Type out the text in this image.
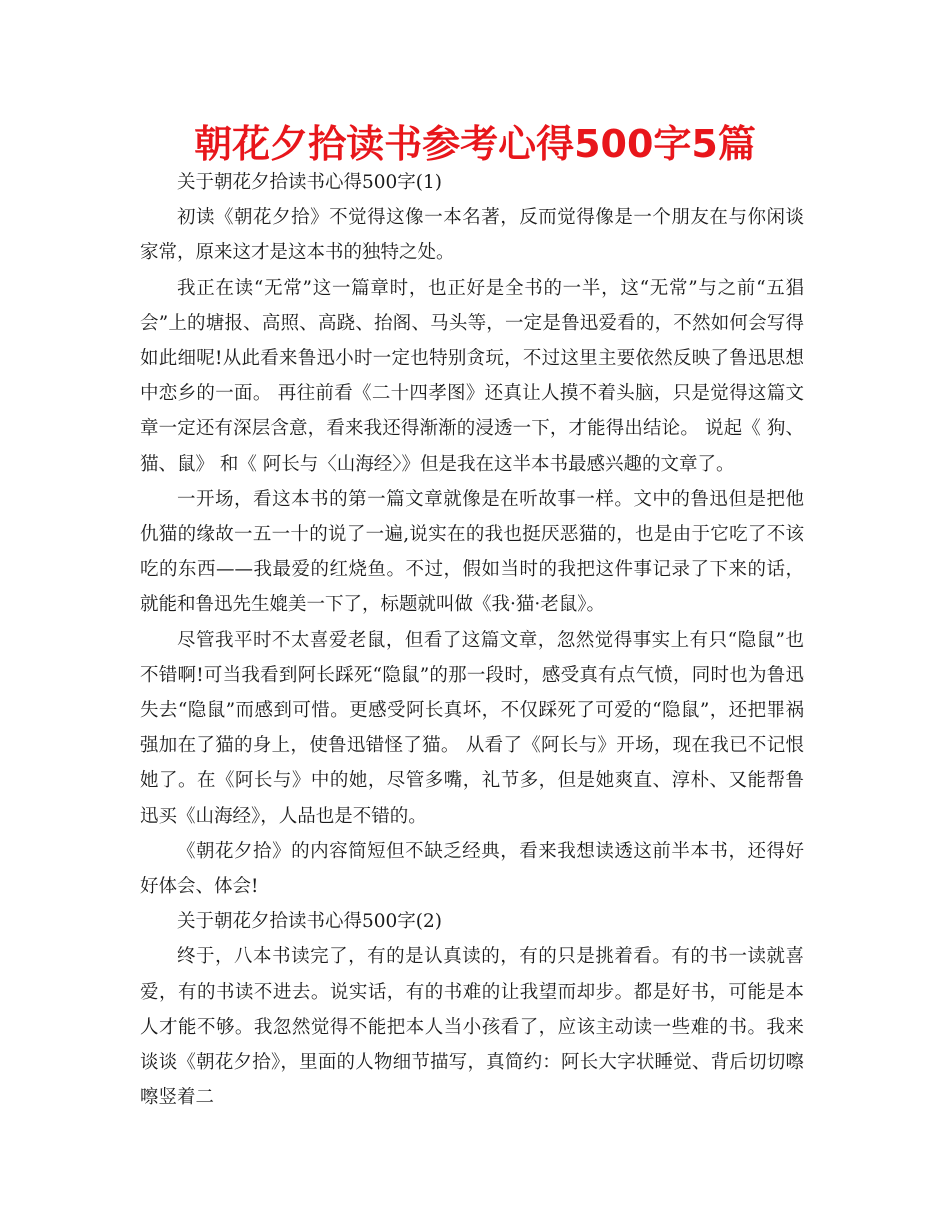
朝花夕拾读书参考心得500字5篇

关于朝花夕拾读书心得500字(1)

初读《朝花夕拾》不觉得这像一本名著，反而觉得像是一个朋友在与你闲谈家常，原来这才是这本书的独特之处。

我正在读“无常”这一篇章时，也正好是全书的一半，这“无常”与之前“五猖会”上的塘报、高照、高跷、抬阁、马头等，一定是鲁迅爱看的，不然如何会写得如此细呢!从此看来鲁迅小时一定也特别贪玩，不过这里主要依然反映了鲁迅思想中恋乡的一面。 再往前看《二十四孝图》还真让人摸不着头脑，只是觉得这篇文章一定还有深层含意，看来我还得渐渐的浸透一下，才能得出结论。 说起《 狗、猫、鼠》 和《 阿长与〈山海经〉》但是我在这半本书最感兴趣的文章了。

一开场，看这本书的第一篇文章就像是在听故事一样。文中的鲁迅但是把他仇猫的缘故一五一十的说了一遍,说实在的我也挺厌恶猫的，也是由于它吃了不该吃的东西——我最爱的红烧鱼。不过，假如当时的我把这件事记录了下来的话，就能和鲁迅先生媲美一下了，标题就叫做《我·猫·老鼠》。

尽管我平时不太喜爱老鼠，但看了这篇文章，忽然觉得事实上有只“隐鼠”也不错啊!可当我看到阿长踩死“隐鼠”的那一段时，感受真有点气愤，同时也为鲁迅失去“隐鼠”而感到可惜。更感受阿长真坏，不仅踩死了可爱的“隐鼠”，还把罪祸强加在了猫的身上，使鲁迅错怪了猫。 从看了《阿长与》开场，现在我已不记恨她了。在《阿长与》中的她，尽管多嘴，礼节多，但是她爽直、淳朴、又能帮鲁迅买《山海经》，人品也是不错的。

《朝花夕拾》的内容简短但不缺乏经典，看来我想读透这前半本书，还得好好体会、体会!

关于朝花夕拾读书心得500字(2)

终于，八本书读完了，有的是认真读的，有的只是挑着看。有的书一读就喜爱，有的书读不进去。说实话，有的书难的让我望而却步。都是好书，可能是本人才能不够。我忽然觉得不能把本人当小孩看了，应该主动读一些难的书。我来谈谈《朝花夕拾》，里面的人物细节描写，真简约：阿长大字状睡觉、背后切切嚓嚓竖着二
